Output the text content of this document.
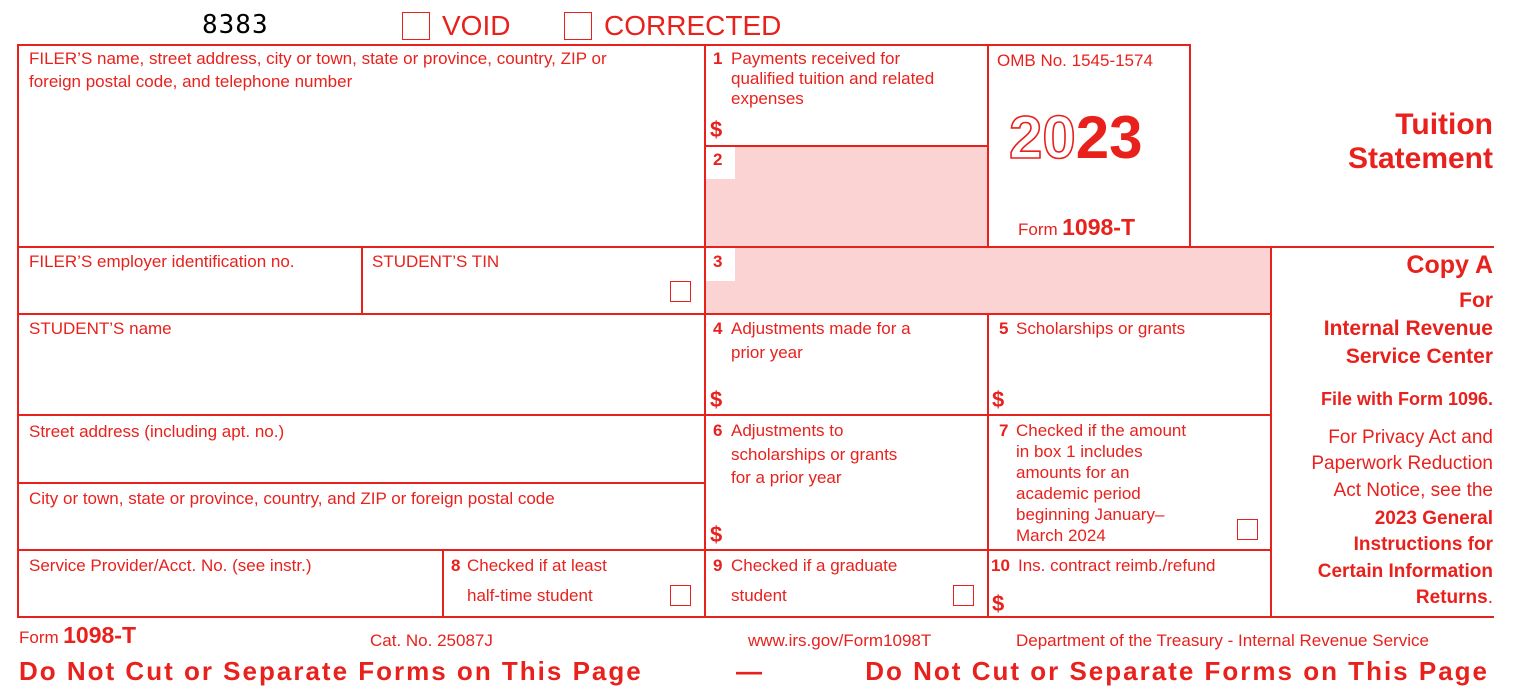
8383	VOID	CORRECTED
FILER’S name, street address, city or town, state or province, country, ZIP or
foreign postal code, and telephone number
1 Payments received for
qualified tuition and related
expenses
$
2
3
OMB No. 1545-1574
2023
Form 1098-T
Tuition
Statement
FILER’S employer identification no.	STUDENT’S TIN
STUDENT’S name	4 Adjustments made for a
prior year
$
5 Scholarships or grants
$
Street address (including apt. no.)
City or town, state or province, country, and ZIP or foreign postal code
6 Adjustments to
scholarships or grants
for a prior year
$
7 Checked if the amount
in box 1 includes
amounts for an
academic period
beginning January–
March 2024
Service Provider/Acct. No. (see instr.)	8 Checked if at least
half-time student
9 Checked if a graduate
student
10 Ins. contract reimb./refund
$
Copy A
For
Internal Revenue
Service Center
File with Form 1096.
For Privacy Act and
Paperwork Reduction
Act Notice, see the
2023 General
Instructions for
Certain Information
Returns.
Form 1098-T	Cat. No. 25087J	www.irs.gov/Form1098T	Department of the Treasury - Internal Revenue Service
Do Not Cut or Separate Forms on This Page	—	Do Not Cut or Separate Forms on This Page
